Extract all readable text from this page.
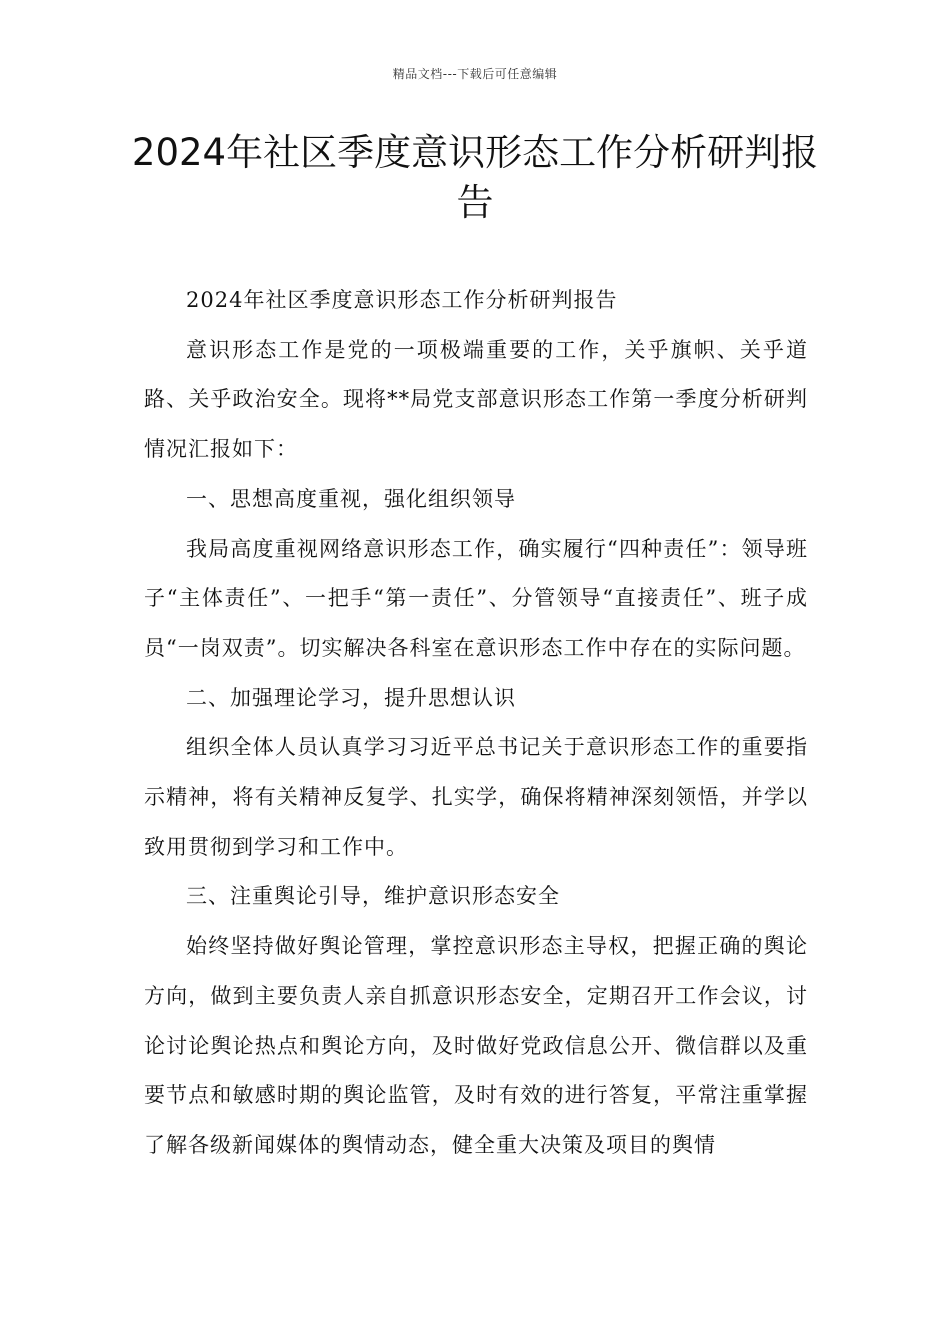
精品文档---下载后可任意编辑
2024年社区季度意识形态工作分析研判报告

2024年社区季度意识形态工作分析研判报告

意识形态工作是党的一项极端重要的工作，关乎旗帜、关乎道路、关乎政治安全。现将**局党支部意识形态工作第一季度分析研判情况汇报如下：

一、思想高度重视，强化组织领导

我局高度重视网络意识形态工作，确实履行“四种责任”：领导班子“主体责任”、一把手“第一责任”、分管领导“直接责任”、班子成员“一岗双责”。切实解决各科室在意识形态工作中存在的实际问题。

二、加强理论学习，提升思想认识

组织全体人员认真学习习近平总书记关于意识形态工作的重要指示精神，将有关精神反复学、扎实学，确保将精神深刻领悟，并学以致用贯彻到学习和工作中。

三、注重舆论引导，维护意识形态安全

始终坚持做好舆论管理，掌控意识形态主导权，把握正确的舆论方向，做到主要负责人亲自抓意识形态安全，定期召开工作会议，讨论讨论舆论热点和舆论方向，及时做好党政信息公开、微信群以及重要节点和敏感时期的舆论监管，及时有效的进行答复，平常注重掌握了解各级新闻媒体的舆情动态，健全重大决策及项目的舆情
